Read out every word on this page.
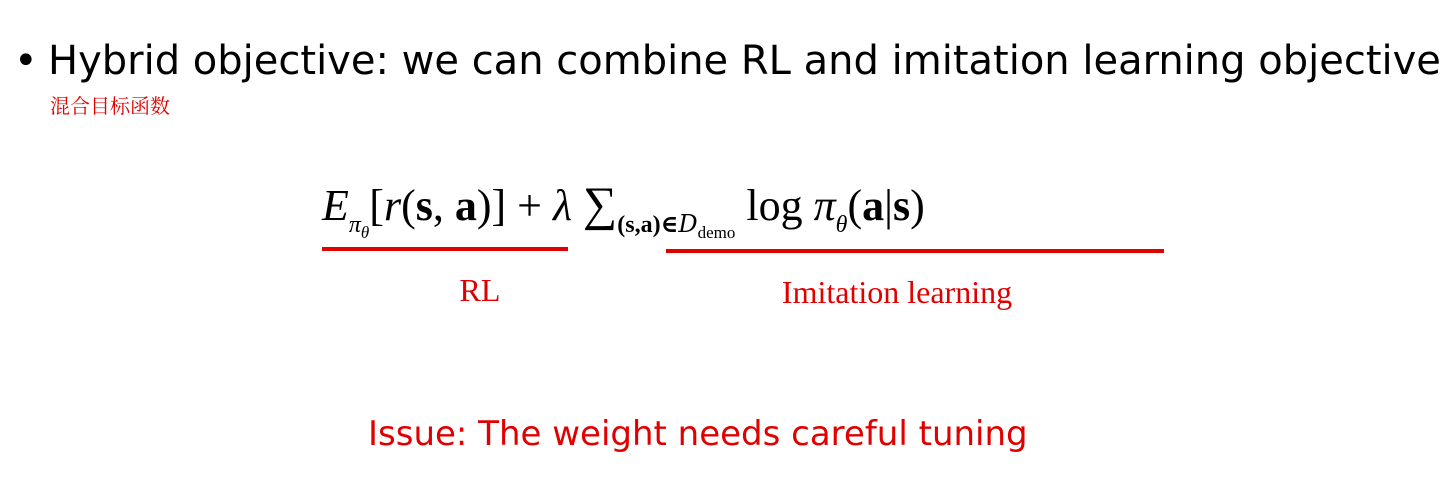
• Hybrid objective: we can combine RL and imitation learning objective
混合目标函数
$E_{\pi_\theta}[r(s$, a)] + λ $\sum_{(s,a)\in D_{demo}}$ $\log \pi_\theta(a|s)$
RL	Imitation learning
Issue: The weight needs careful tuning
